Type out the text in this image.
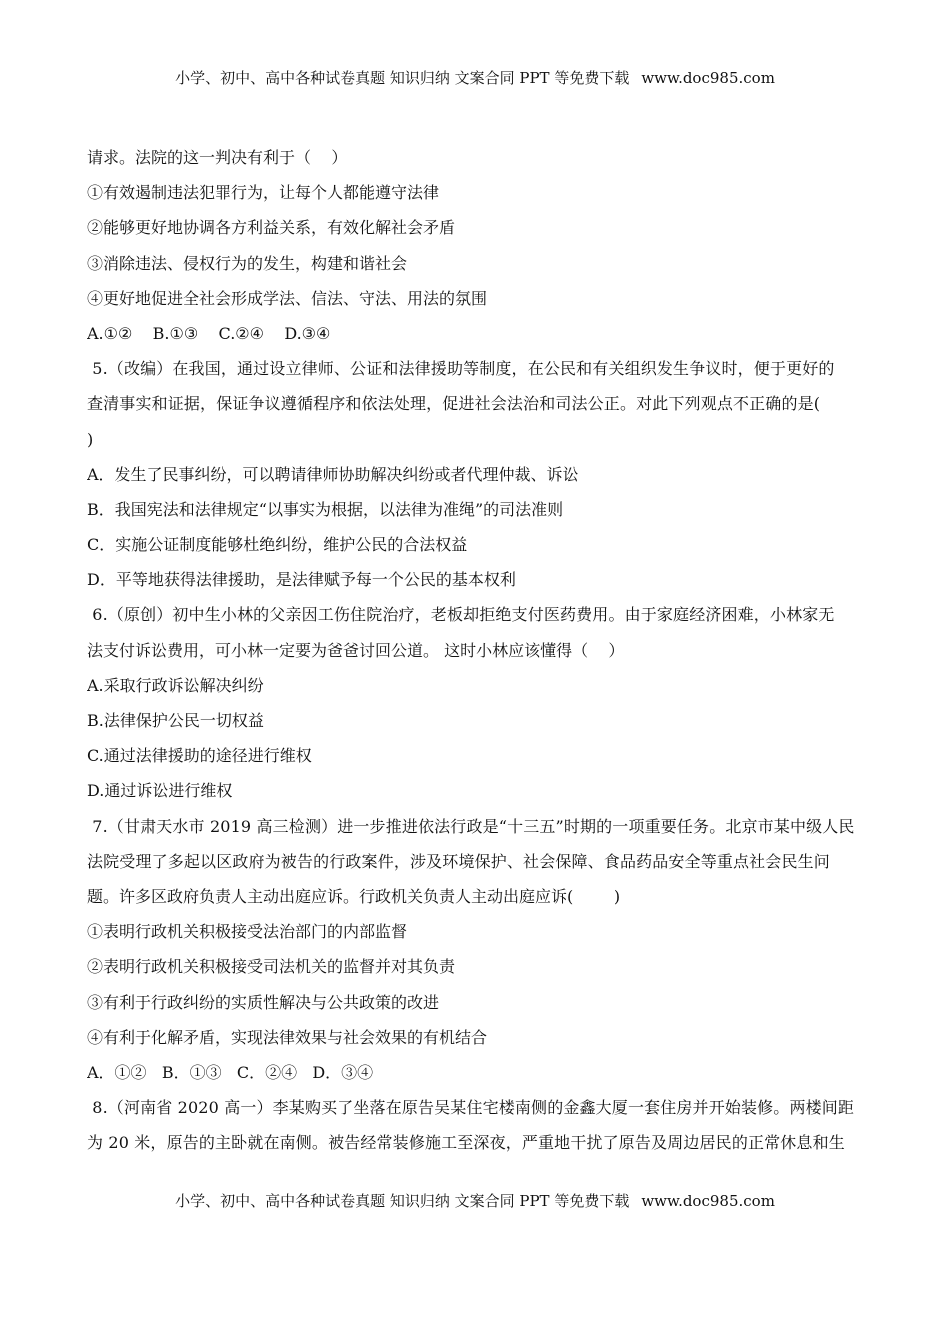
小学、初中、高中各种试卷真题 知识归纳 文案合同 PPT 等免费下载 www.doc985.com
请求。法院的这一判决有利于（    ）
①有效遏制违法犯罪行为，让每个人都能遵守法律
②能够更好地协调各方利益关系，有效化解社会矛盾
③消除违法、侵权行为的发生，构建和谐社会
④更好地促进全社会形成学法、信法、守法、用法的氛围
A.①②    B.①③    C.②④    D.③④
5.（改编）在我国，通过设立律师、公证和法律援助等制度，在公民和有关组织发生争议时，便于更好的
查清事实和证据，保证争议遵循程序和依法处理，促进社会法治和司法公正。对此下列观点不正确的是(
)
A．发生了民事纠纷，可以聘请律师协助解决纠纷或者代理仲裁、诉讼
B．我国宪法和法律规定“以事实为根据，以法律为准绳”的司法准则
C．实施公证制度能够杜绝纠纷，维护公民的合法权益
D．平等地获得法律援助，是法律赋予每一个公民的基本权利
6.（原创）初中生小林的父亲因工伤住院治疗，老板却拒绝支付医药费用。由于家庭经济困难，小林家无
法支付诉讼费用，可小林一定要为爸爸讨回公道。 这时小林应该懂得（    ）
A.采取行政诉讼解决纠纷
B.法律保护公民一切权益
C.通过法律援助的途径进行维权
D.通过诉讼进行维权
7.（甘肃天水市 2019 高三检测）进一步推进依法行政是“十三五”时期的一项重要任务。北京市某中级人民
法院受理了多起以区政府为被告的行政案件，涉及环境保护、社会保障、食品药品安全等重点社会民生问
题。许多区政府负责人主动出庭应诉。行政机关负责人主动出庭应诉(        )
①表明行政机关积极接受法治部门的内部监督
②表明行政机关积极接受司法机关的监督并对其负责
③有利于行政纠纷的实质性解决与公共政策的改进
④有利于化解矛盾，实现法律效果与社会效果的有机结合
A．①②   B．①③   C．②④   D．③④
8.（河南省 2020 高一）李某购买了坐落在原告吴某住宅楼南侧的金鑫大厦一套住房并开始装修。两楼间距
为 20 米，原告的主卧就在南侧。被告经常装修施工至深夜，严重地干扰了原告及周边居民的正常休息和生
小学、初中、高中各种试卷真题 知识归纳 文案合同 PPT 等免费下载 www.doc985.com
